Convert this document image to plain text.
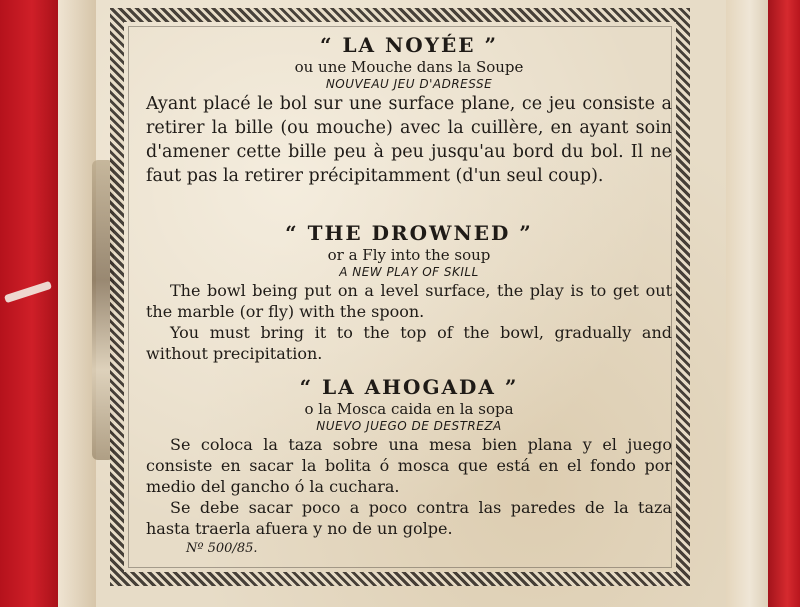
“ LA NOYÉE ”

ou une Mouche dans la Soupe

NOUVEAU JEU D'ADRESSE

Ayant placé le bol sur une surface plane, ce jeu consiste a retirer la bille (ou mouche) avec la cuillère, en ayant soin d'amener cette bille peu à peu jusqu'au bord du bol. Il ne faut pas la retirer précipitamment (d'un seul coup).

“ THE DROWNED ”

or a Fly into the soup

A NEW PLAY OF SKILL

The bowl being put on a level surface, the play is to get out the marble (or fly) with the spoon.

You must bring it to the top of the bowl, gradually and without precipitation.

“ LA AHOGADA ”

o la Mosca caida en la sopa

NUEVO JUEGO DE DESTREZA

Se coloca la taza sobre una mesa bien plana y el juego consiste en sacar la bolita ó mosca que está en el fondo por medio del gancho ó la cuchara.

Se debe sacar poco a poco contra las paredes de la taza hasta traerla afuera y no de un golpe.

Nº 500/85.
